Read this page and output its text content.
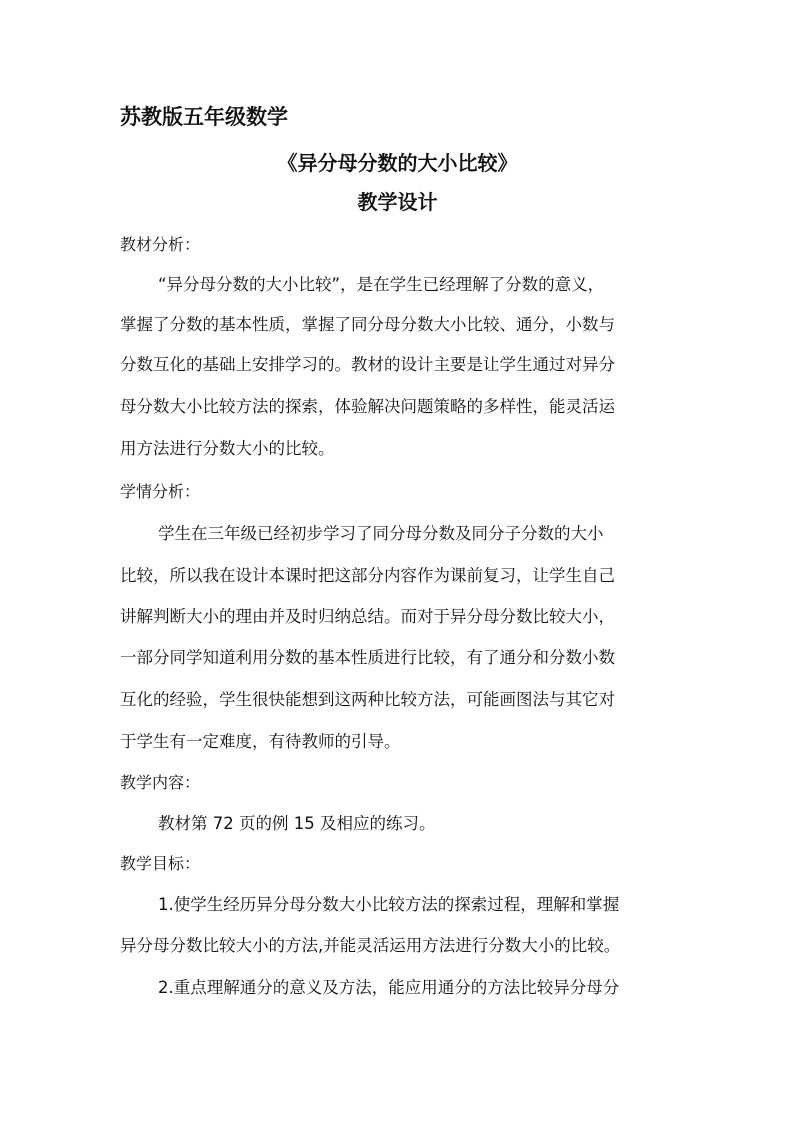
苏教版五年级数学
《异分母分数的大小比较》
教学设计
教材分析：
“异分母分数的大小比较”，是在学生已经理解了分数的意义，
掌握了分数的基本性质，掌握了同分母分数大小比较、通分，小数与
分数互化的基础上安排学习的。教材的设计主要是让学生通过对异分
母分数大小比较方法的探索，体验解决问题策略的多样性，能灵活运
用方法进行分数大小的比较。
学情分析：
学生在三年级已经初步学习了同分母分数及同分子分数的大小
比较，所以我在设计本课时把这部分内容作为课前复习，让学生自己
讲解判断大小的理由并及时归纳总结。而对于异分母分数比较大小，
一部分同学知道利用分数的基本性质进行比较，有了通分和分数小数
互化的经验，学生很快能想到这两种比较方法，可能画图法与其它对
于学生有一定难度，有待教师的引导。
教学内容：
教材第 72 页的例 15 及相应的练习。
教学目标：
1.使学生经历异分母分数大小比较方法的探索过程，理解和掌握
异分母分数比较大小的方法,并能灵活运用方法进行分数大小的比较。
2.重点理解通分的意义及方法，能应用通分的方法比较异分母分
